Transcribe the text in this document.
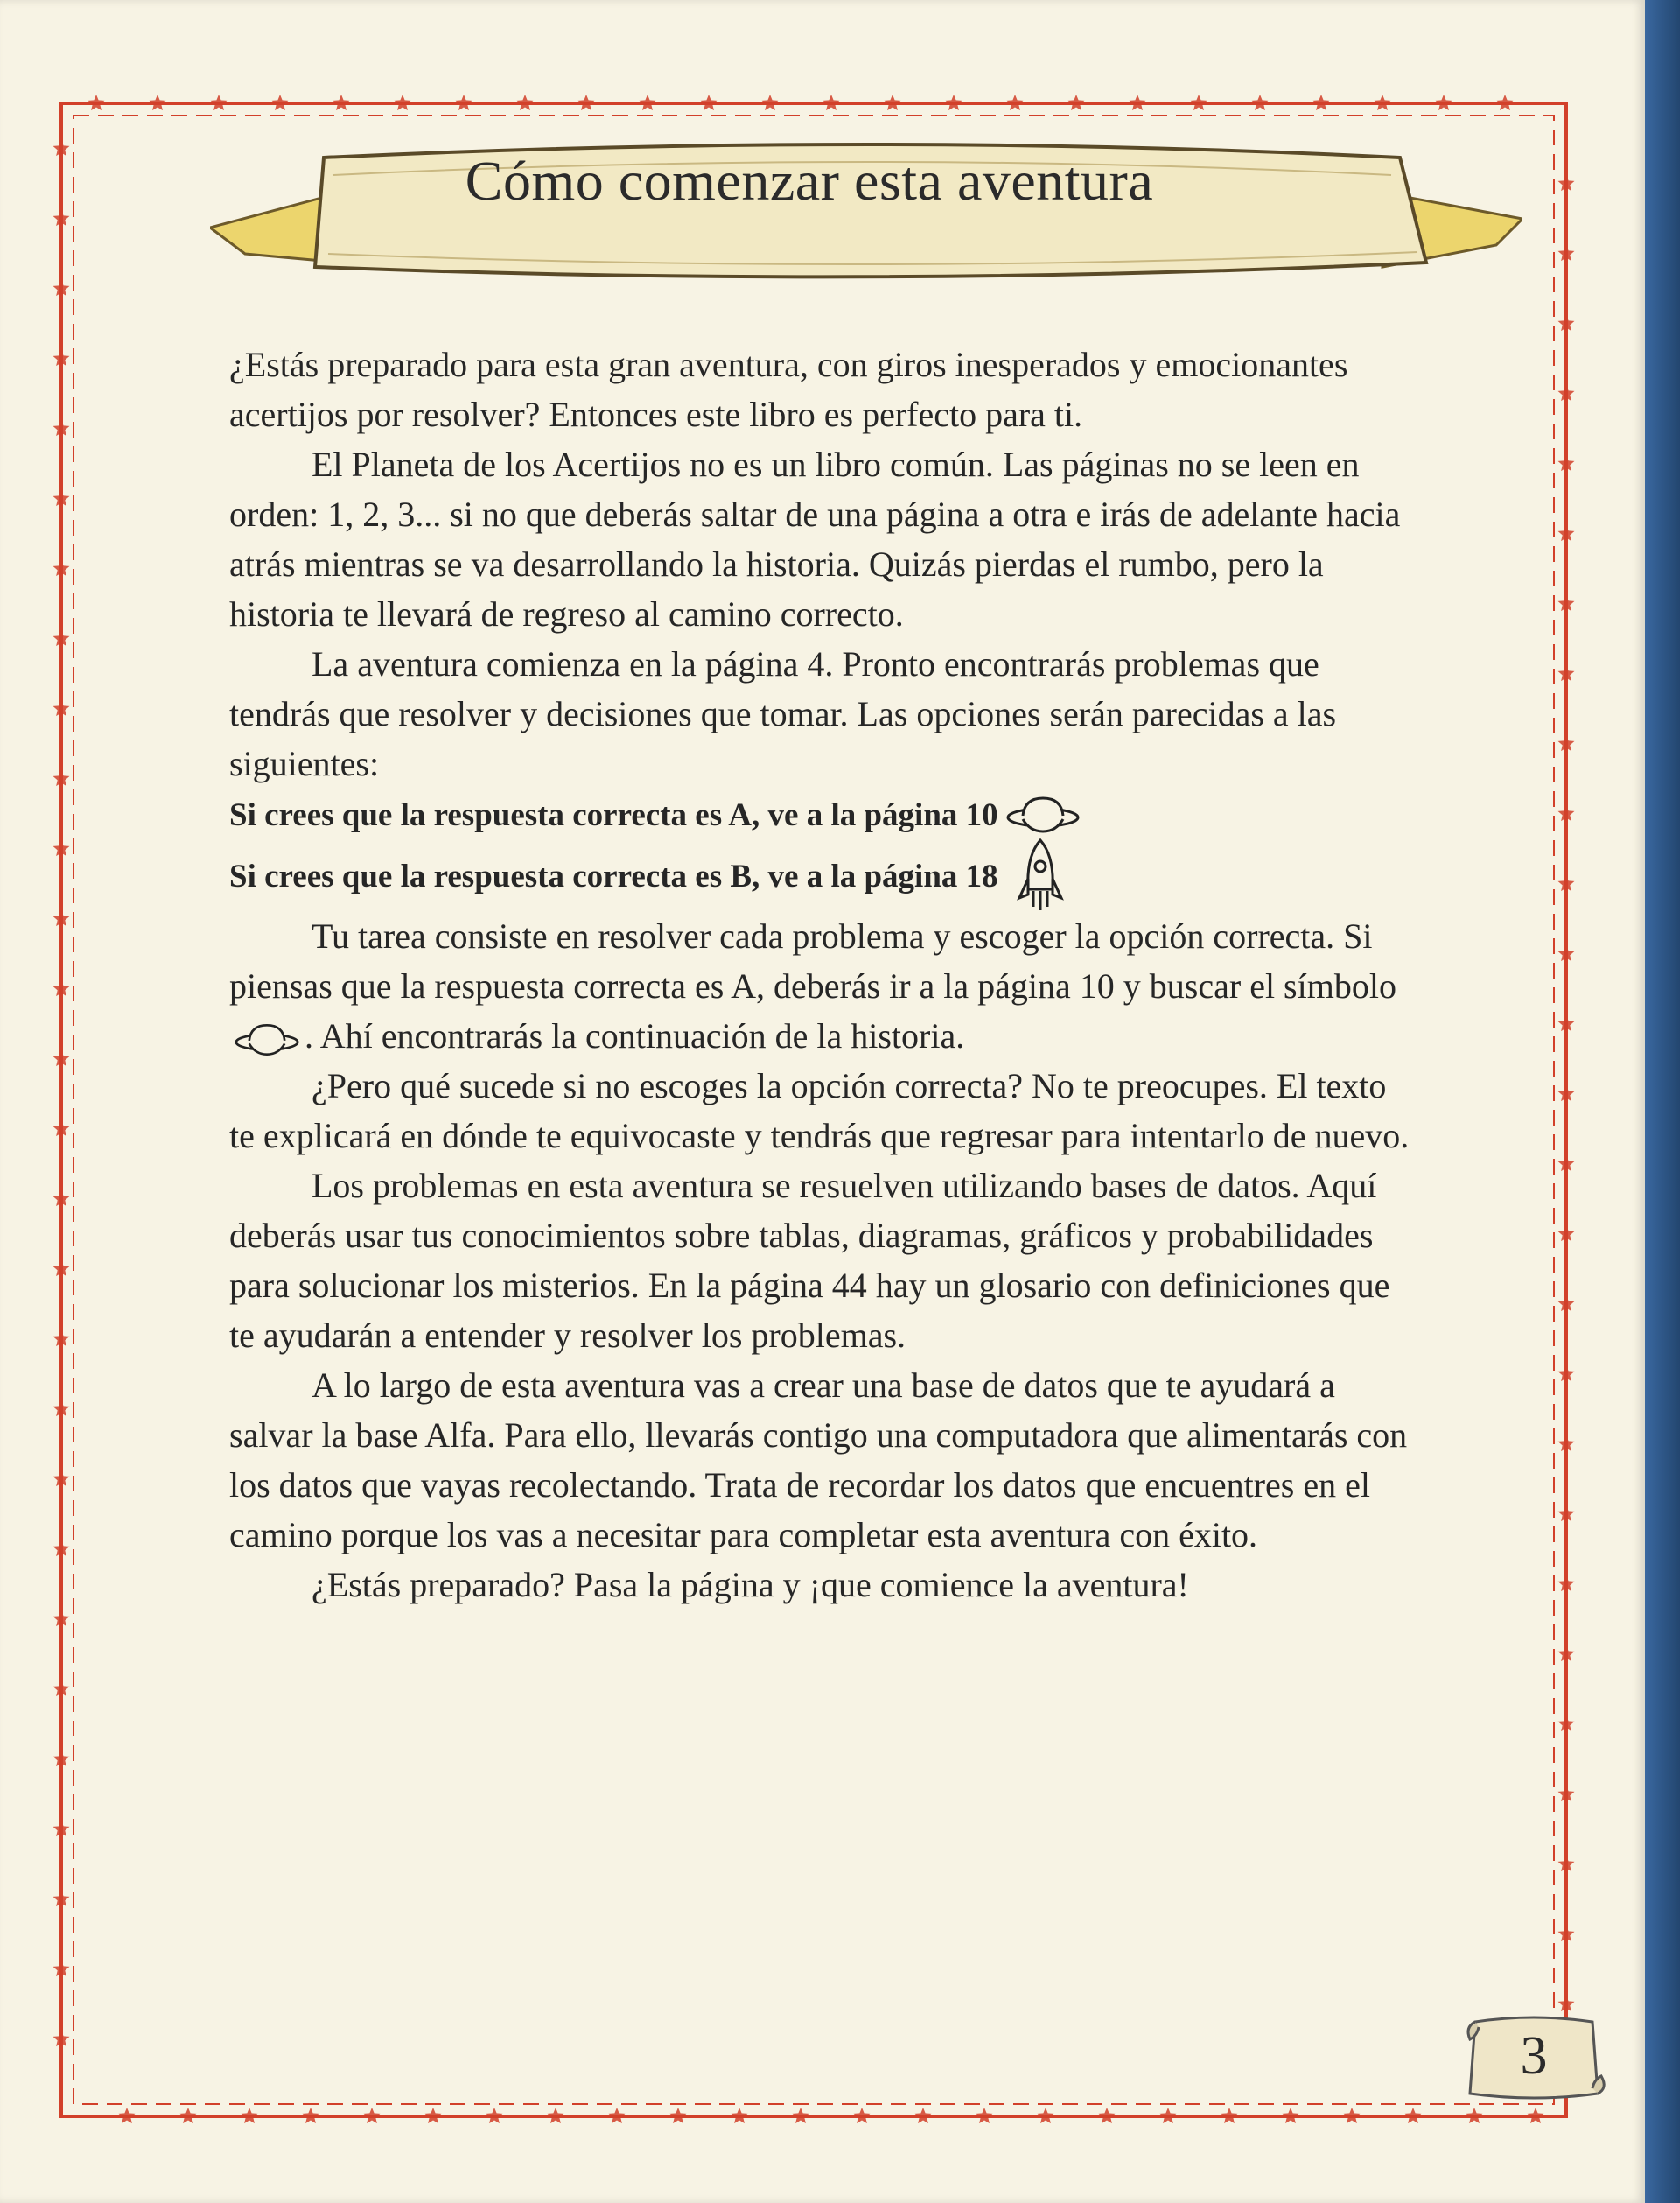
Cómo comenzar esta aventura

¿Estás preparado para esta gran aventura, con giros inesperados y emocionantes acertijos por resolver? Entonces este libro es perfecto para ti.

El Planeta de los Acertijos no es un libro común. Las páginas no se leen en orden: 1, 2, 3... si no que deberás saltar de una página a otra e irás de adelante hacia atrás mientras se va desarrollando la historia. Quizás pierdas el rumbo, pero la historia te llevará de regreso al camino correcto.

La aventura comienza en la página 4. Pronto encontrarás problemas que tendrás que resolver y decisiones que tomar. Las opciones serán parecidas a las siguientes:

Si crees que la respuesta correcta es A, ve a la página 10

Si crees que la respuesta correcta es B, ve a la página 18

Tu tarea consiste en resolver cada problema y escoger la opción correcta. Si piensas que la respuesta correcta es A, deberás ir a la página 10 y buscar el símbolo . Ahí encontrarás la continuación de la historia.

¿Pero qué sucede si no escoges la opción correcta? No te preocupes. El texto te explicará en dónde te equivocaste y tendrás que regresar para intentarlo de nuevo.

Los problemas en esta aventura se resuelven utilizando bases de datos. Aquí deberás usar tus conocimientos sobre tablas, diagramas, gráficos y probabilidades para solucionar los misterios. En la página 44 hay un glosario con definiciones que te ayudarán a entender y resolver los problemas.

A lo largo de esta aventura vas a crear una base de datos que te ayudará a salvar la base Alfa. Para ello, llevarás contigo una computadora que alimentarás con los datos que vayas recolectando. Trata de recordar los datos que encuentres en el camino porque los vas a necesitar para completar esta aventura con éxito.

¿Estás preparado? Pasa la página y ¡que comience la aventura!

3
